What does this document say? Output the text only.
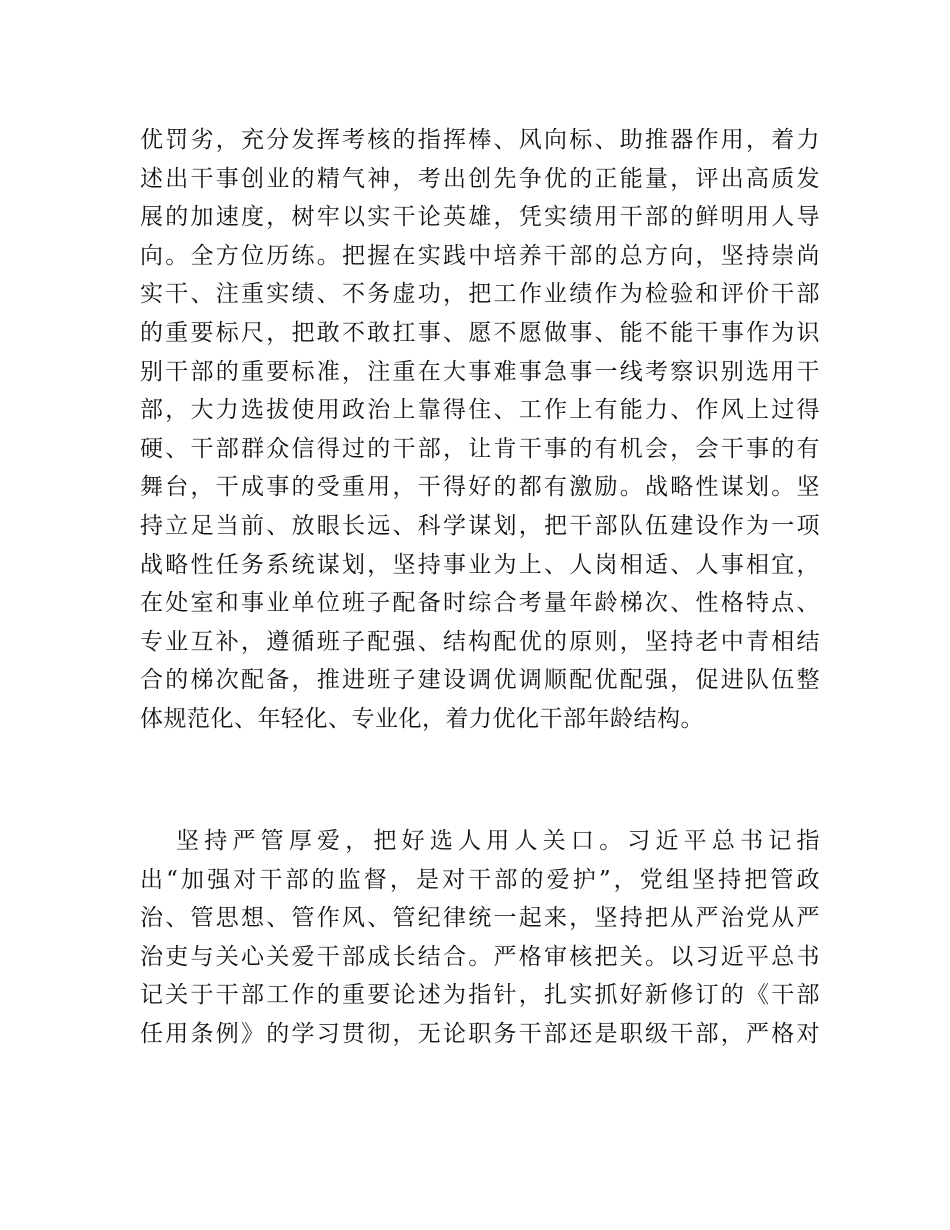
优罚劣，充分发挥考核的指挥棒、风向标、助推器作用，着力
述出干事创业的精气神，考出创先争优的正能量，评出高质发
展的加速度，树牢以实干论英雄，凭实绩用干部的鲜明用人导
向。全方位历练。把握在实践中培养干部的总方向，坚持崇尚
实干、注重实绩、不务虚功，把工作业绩作为检验和评价干部
的重要标尺，把敢不敢扛事、愿不愿做事、能不能干事作为识
别干部的重要标准，注重在大事难事急事一线考察识别选用干
部，大力选拔使用政治上靠得住、工作上有能力、作风上过得
硬、干部群众信得过的干部，让肯干事的有机会，会干事的有
舞台，干成事的受重用，干得好的都有激励。战略性谋划。坚
持立足当前、放眼长远、科学谋划，把干部队伍建设作为一项
战略性任务系统谋划，坚持事业为上、人岗相适、人事相宜，
在处室和事业单位班子配备时综合考量年龄梯次、性格特点、
专业互补，遵循班子配强、结构配优的原则，坚持老中青相结
合的梯次配备，推进班子建设调优调顺配优配强，促进队伍整
体规范化、年轻化、专业化，着力优化干部年龄结构。
坚持严管厚爱，把好选人用人关口。习近平总书记指
出“加强对干部的监督，是对干部的爱护”，党组坚持把管政
治、管思想、管作风、管纪律统一起来，坚持把从严治党从严
治吏与关心关爱干部成长结合。严格审核把关。以习近平总书
记关于干部工作的重要论述为指针，扎实抓好新修订的《干部
任用条例》的学习贯彻，无论职务干部还是职级干部，严格对
